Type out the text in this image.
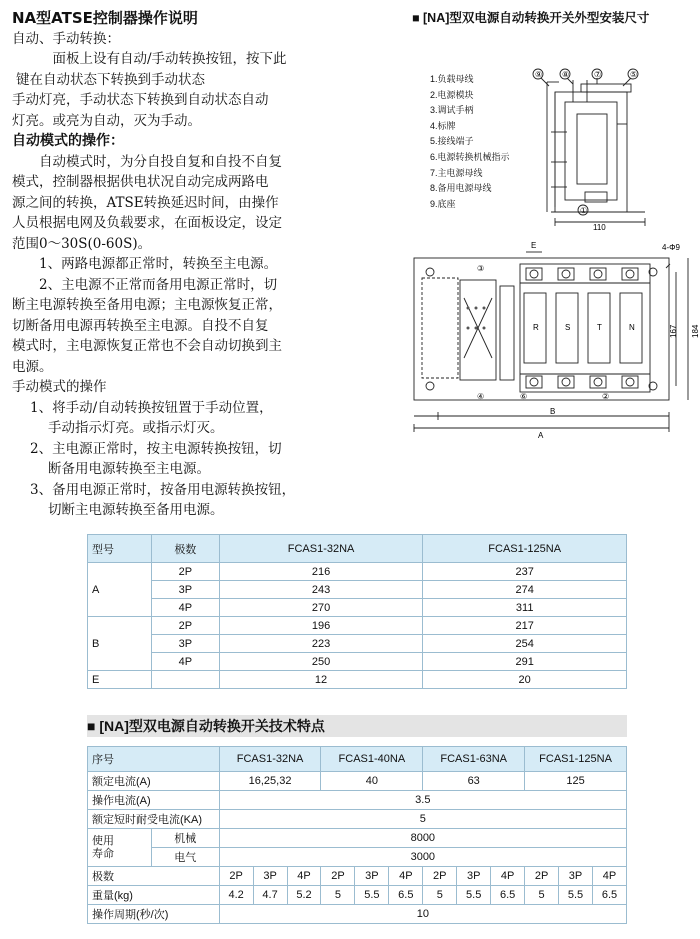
NA型ATSE控制器操作说明

自动、手动转换：

面板上设有自动/手动转换按钮，按下此

键在自动状态下转换到手动状态

手动灯亮，手动状态下转换到自动状态自动

灯亮。或亮为自动，灭为手动。

自动模式的操作：

自动模式时，为分自投自复和自投不自复

模式，控制器根据供电状况自动完成两路电

源之间的转换，ATSE转换延迟时间，由操作

人员根据电网及负载要求，在面板设定，设定

范围0～30S(0-60S)。

1、两路电源都正常时，转换至主电源。

2、主电源不正常而备用电源正常时，切

断主电源转换至备用电源；主电源恢复正常，

切断备用电源再转换至主电源。自投不自复

模式时，主电源恢复正常也不会自动切换到主

电源。

手动模式的操作

1、将手动/自动转换按钮置于手动位置，

手动指示灯亮。或指示灯灭。

2、主电源正常时，按主电源转换按钮，切

断备用电源转换至主电源。

3、备用电源正常时，按备用电源转换按钮，

切断主电源转换至备用电源。

■ [NA]型双电源自动转换开关外型安装尺寸
1.负载母线
2.电源模块
3.调试手柄
4.标牌
5.接线端子
6.电源转换机械指示
7.主电源母线
8.备用电源母线
9.底座
⑨ ⑧	⑦	⑤
①
110
R	S	T	N
E	4-Φ9
167 184
B
A
③
④	⑥	②
型号	极数	FCAS1-32NA	FCAS1-125NA
A	2P	216	237
	3P	243	274
	4P	270	311
B	2P	196	217
	3P	223	254
	4P	250	291
E		12	20
■ [NA]型双电源自动转换开关技术特点
序号		FCAS1-32NA			FCAS1-40NA			FCAS1-63NA			FCAS1-125NA		
额定电流(A)		16,25,32			40			63			125		
操作电流(A)		3.5											
额定短时耐受电流(KA)		5											
使用
寿命	机械	8000											
	电气	3000											
极数		2P	3P	4P	2P	3P	4P	2P	3P	4P	2P	3P	4P
重量(kg)		4.2	4.7	5.2	5	5.5	6.5	5	5.5	6.5	5	5.5	6.5
操作周期(秒/次)		10											
